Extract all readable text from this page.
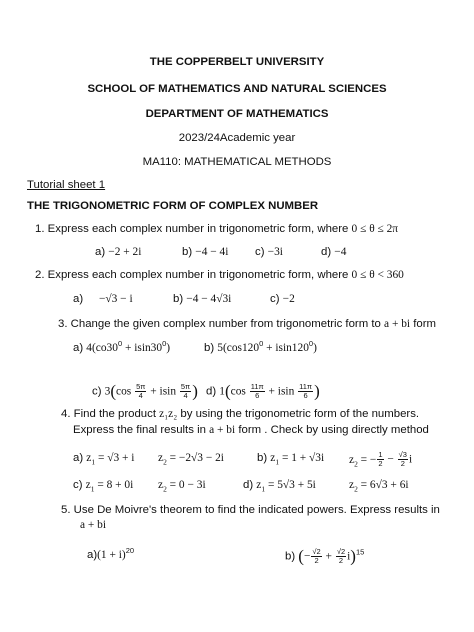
THE COPPERBELT UNIVERSITY
SCHOOL OF MATHEMATICS AND NATURAL SCIENCES
DEPARTMENT OF MATHEMATICS
2023/24Academic year
MA110: MATHEMATICAL METHODS
Tutorial sheet 1
THE TRIGONOMETRIC FORM OF COMPLEX NUMBER
1. Express each complex number in trigonometric form, where 0 ≤ θ ≤ 2π
a) −2 + 2i	b) −4 − 4i c) −3i	d) −4
2. Express each complex number in trigonometric form, where 0 ≤ θ < 360
a) −√3 − i	b) −4 − 4√3i	c) −2
3. Change the given complex number from trigonometric form to a + bi form
a) $4(co30^0 + isin30^0)$	b) $5(\cos 120^0 + isin120^0)$
c) $3(\cos \frac{5\pi}{4} + isin \frac{5\pi}{4}$ ) d) $1(\cos \frac{11\pi}{6} + isin \frac{11\pi}{6}$ )
4. Find the product z₁z₂ by using the trigonometric form of the numbers.
Express the final results in a + bi form . Check by using directly method
a) $z_1 = √3 + i$ $z_2 = -2√3 - 2i$	b) $z_1 = 1 + √3i$ $z_2$ = − $\frac{1}{2} - \frac{√3}{2}$ i
c) $z_1 = 8 + 0i$ $z_2 = 0 - 3i$	d) $z_1 = 5√3 + 5i$	$z_2 = 6√3 + 6i$
5. Use De Moivre's theorem to find the indicated powers. Express results in
a + bi
$a)(1 + i)^{20}$	b) (− $\frac{√2}{2} + \frac{√2}{2} i)^{15}$
